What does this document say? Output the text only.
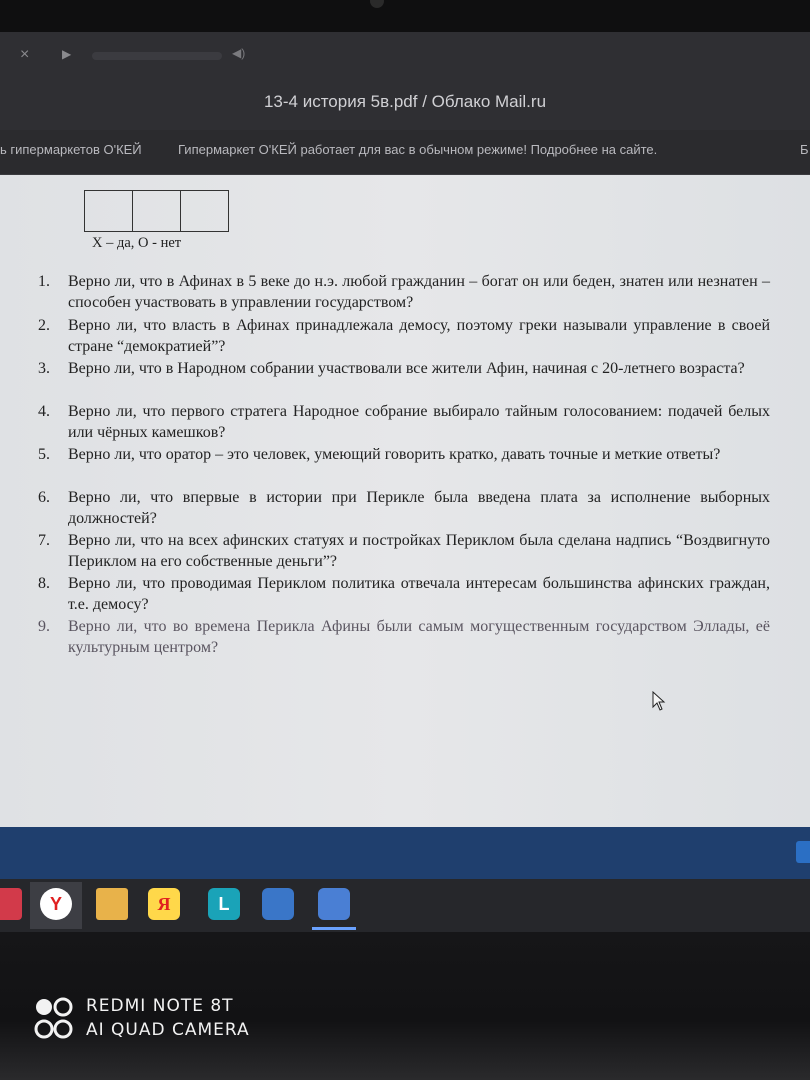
×	▶	◀)
13-4 история 5в.pdf / Облако Mail.ru
ь гипермаркетов О'КЕЙ	Гипермаркет О'КЕЙ работает для вас в обычном режиме! Подробнее на сайте.	Б

Х – да, О - нет
1.	Верно ли, что в Афинах в 5 веке до н.э. любой гражданин – богат он или беден, знатен или незнатен – способен участвовать в управлении государством?
2.	Верно ли, что власть в Афинах принадлежала демосу, поэтому греки называли управление в своей стране “демократией”?
3.	Верно ли, что в Народном собрании участвовали все жители Афин, начиная с 20-летнего возраста?
4.	Верно ли, что первого стратега Народное собрание выбирало тайным голосованием: подачей белых или чёрных камешков?
5.	Верно ли, что оратор – это человек, умеющий говорить кратко, давать точные и меткие ответы?
6.	Верно ли, что впервые в истории при Перикле была введена плата за исполнение выборных должностей?
7.	Верно ли, что на всех афинских статуях и постройках Периклом была сделана надпись “Воздвигнуто Периклом на его собственные деньги”?
8.	Верно ли, что проводимая Периклом политика отвечала интересам большинства афинских граждан, т.е. демосу?
9.	Верно ли, что во времена Перикла Афины были самым могущественным государством Эллады, её культурным центром?
Y	Я	L
REDMI NOTE 8T
AI QUAD CAMERA
